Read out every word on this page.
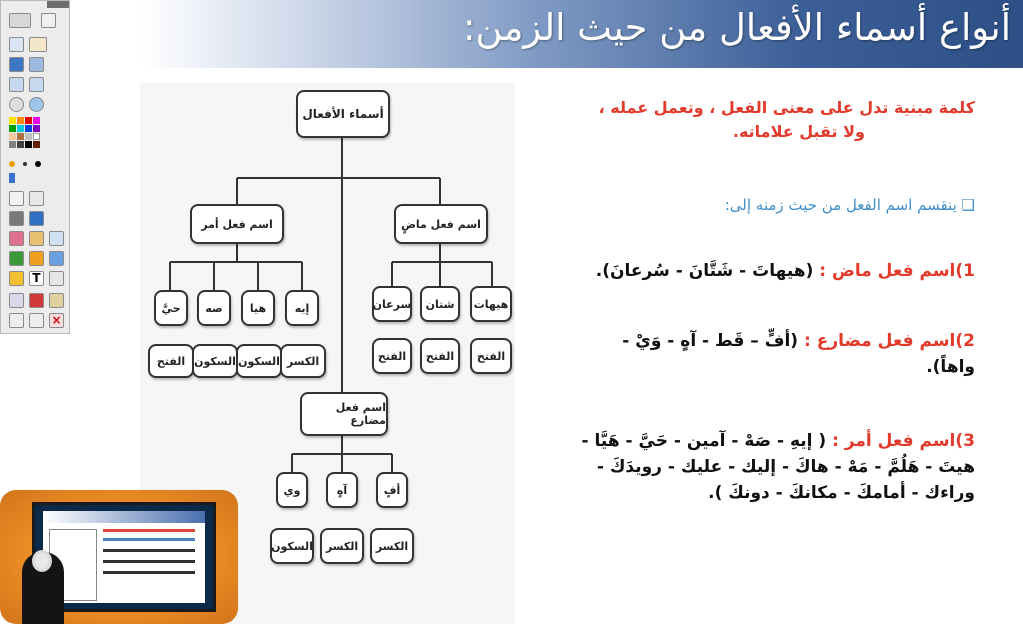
أنواع أسماء الأفعال من حيث الزمن:
T
×
أسماء الأفعال
اسم فعل أمر	اسم فعل ماضٍ
حيَّ	صه	هيا	إيه
الفتح السكون السكون الكسر
سرعان	شتان	هيهات
الفتح	الفتح	الفتح
اسم فعل مضارع
وي	آهٍ	أفٍ
السكون	الكسر	الكسر
كلمة مبنية تدل على معنى الفعل ، وتعمل عمله ،
ولا تقبل علاماته.
❑ ينقسم اسم الفعل من حيث زمنه إلى:
1)اسم فعل ماض : (هيهاتَ - شَتَّانَ - سُرعانَ).
2)اسم فعل مضارع : (أفٍّ – قَط - آهٍ - وَيْ -
واهاً).
3)اسم فعل أمر : ( إيهِ - صَهْ - آمين - حَيَّ - هَيَّا -
هيتَ - هَلُمَّ - مَهْ - هاكَ - إليك - عليك - رويدَكَ -
وراءك - أمامكَ - مكانكَ - دونكَ ).
